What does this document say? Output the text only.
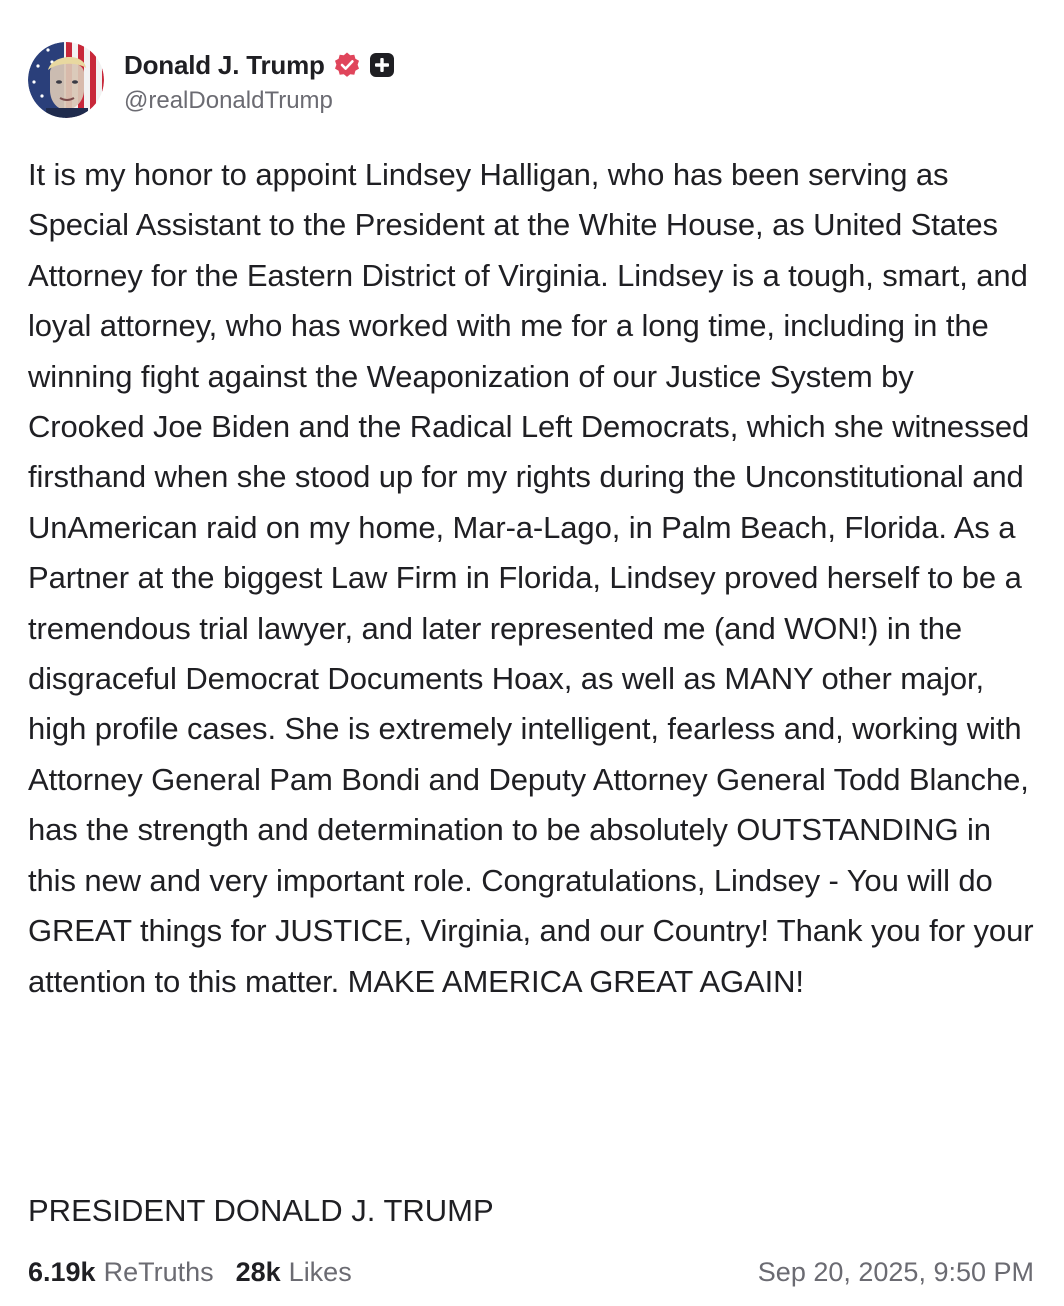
Donald J. Trump
@realDonaldTrump
It is my honor to appoint Lindsey Halligan, who has been serving as Special Assistant to the President at the White House, as United States Attorney for the Eastern District of Virginia. Lindsey is a tough, smart, and loyal attorney, who has worked with me for a long time, including in the winning fight against the Weaponization of our Justice System by Crooked Joe Biden and the Radical Left Democrats, which she witnessed firsthand when she stood up for my rights during the Unconstitutional and UnAmerican raid on my home, Mar-a-Lago, in Palm Beach, Florida. As a Partner at the biggest Law Firm in Florida, Lindsey proved herself to be a tremendous trial lawyer, and later represented me (and WON!) in the disgraceful Democrat Documents Hoax, as well as MANY other major, high profile cases. She is extremely intelligent, fearless and, working with Attorney General Pam Bondi and Deputy Attorney General Todd Blanche, has the strength and determination to be absolutely OUTSTANDING in this new and very important role. Congratulations, Lindsey - You will do GREAT things for JUSTICE, Virginia, and our Country! Thank you for your attention to this matter. MAKE AMERICA GREAT AGAIN!
PRESIDENT DONALD J. TRUMP
6.19k ReTruths 28k Likes	Sep 20, 2025, 9:50 PM
